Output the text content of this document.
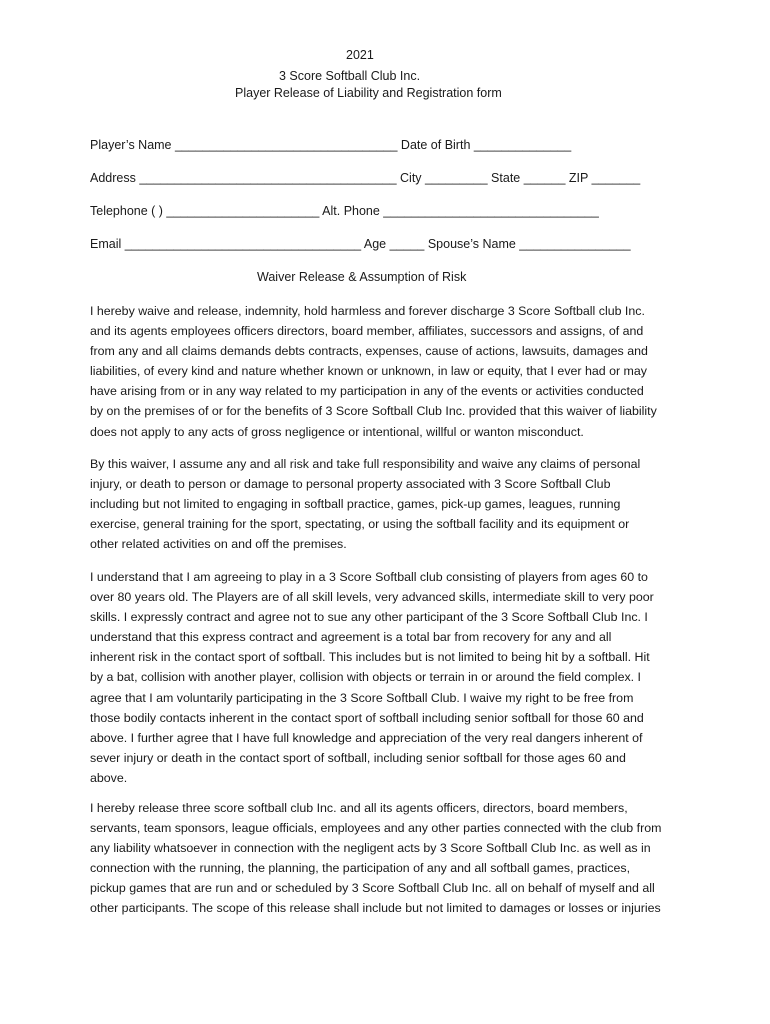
2021
3 Score Softball Club Inc.
Player Release of Liability and Registration form
Player’s Name ________________________________ Date of Birth ______________
Address _____________________________________ City _________ State ______ ZIP _______
Telephone ( ) ______________________ Alt. Phone _______________________________
Email __________________________________ Age _____ Spouse’s Name ________________
Waiver Release & Assumption of Risk

I hereby waive and release, indemnity, hold harmless and forever discharge 3 Score Softball club Inc.
and its agents employees officers directors, board member, affiliates, successors and assigns, of and
from any and all claims demands debts contracts, expenses, cause of actions, lawsuits, damages and
liabilities, of every kind and nature whether known or unknown, in law or equity, that I ever had or may
have arising from or in any way related to my participation in any of the events or activities conducted
by on the premises of or for the benefits of 3 Score Softball Club Inc. provided that this waiver of liability
does not apply to any acts of gross negligence or intentional, willful or wanton misconduct.

By this waiver, I assume any and all risk and take full responsibility and waive any claims of personal
injury, or death to person or damage to personal property associated with 3 Score Softball Club
including but not limited to engaging in softball practice, games, pick-up games, leagues, running
exercise, general training for the sport, spectating, or using the softball facility and its equipment or
other related activities on and off the premises.

I understand that I am agreeing to play in a 3 Score Softball club consisting of players from ages 60 to
over 80 years old. The Players are of all skill levels, very advanced skills, intermediate skill to very poor
skills. I expressly contract and agree not to sue any other participant of the 3 Score Softball Club Inc. I
understand that this express contract and agreement is a total bar from recovery for any and all
inherent risk in the contact sport of softball. This includes but is not limited to being hit by a softball. Hit
by a bat, collision with another player, collision with objects or terrain in or around the field complex. I
agree that I am voluntarily participating in the 3 Score Softball Club. I waive my right to be free from
those bodily contacts inherent in the contact sport of softball including senior softball for those 60 and
above. I further agree that I have full knowledge and appreciation of the very real dangers inherent of
sever injury or death in the contact sport of softball, including senior softball for those ages 60 and
above.

I hereby release three score softball club Inc. and all its agents officers, directors, board members,
servants, team sponsors, league officials, employees and any other parties connected with the club from
any liability whatsoever in connection with the negligent acts by 3 Score Softball Club Inc. as well as in
connection with the running, the planning, the participation of any and all softball games, practices,
pickup games that are run and or scheduled by 3 Score Softball Club Inc. all on behalf of myself and all
other participants. The scope of this release shall include but not limited to damages or losses or injuries
